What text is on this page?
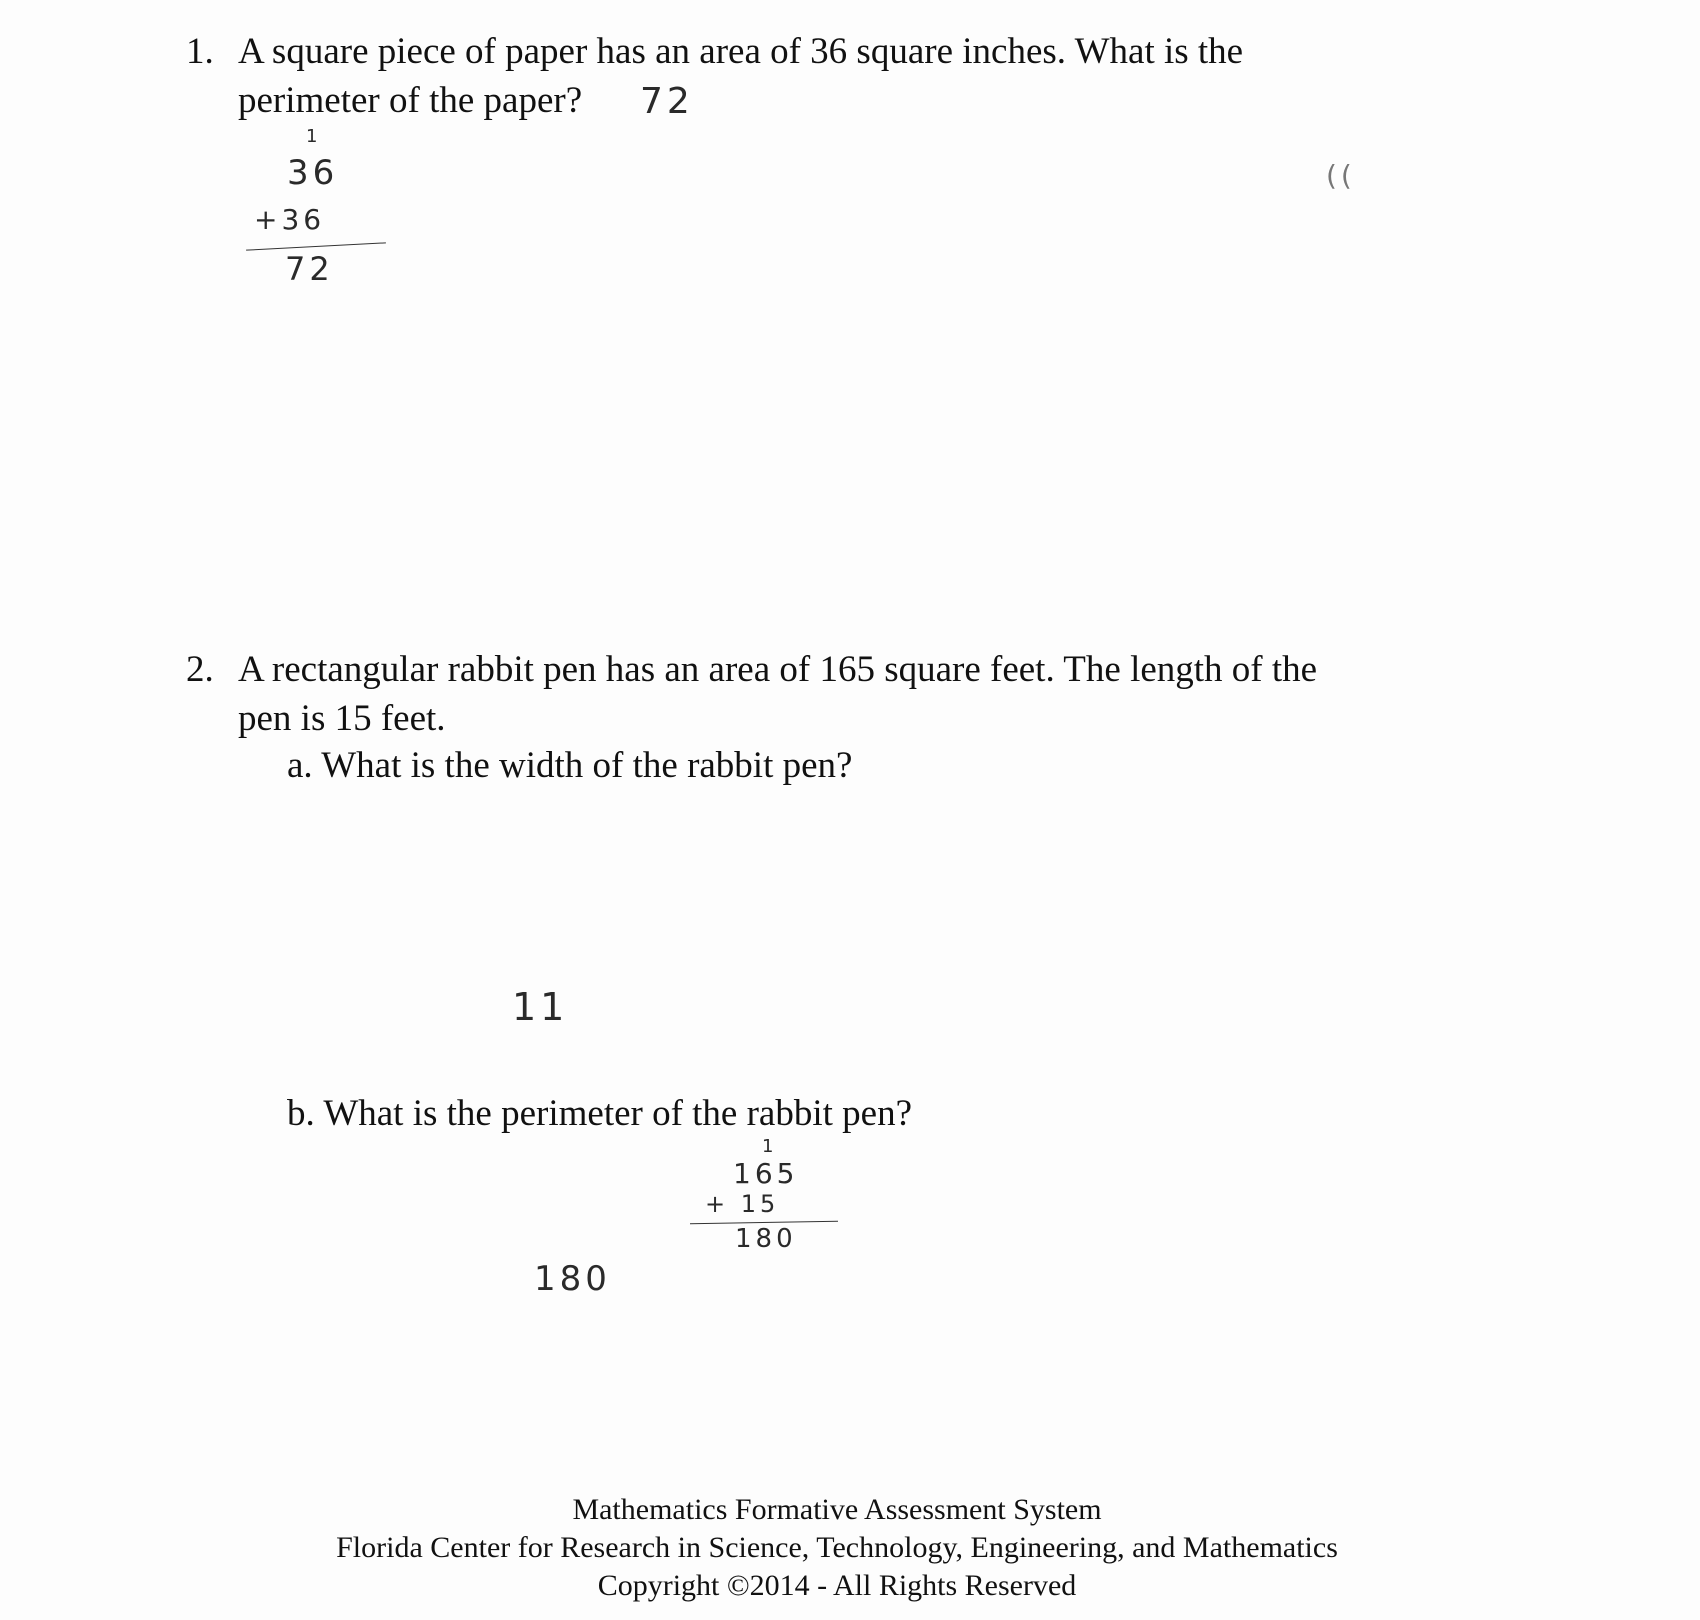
1. A square piece of paper has an area of 36 square inches. What is the
perimeter of the paper? 72
1
36
+36
72
((
2. A rectangular rabbit pen has an area of 165 square feet. The length of the
pen is 15 feet.
a. What is the width of the rabbit pen?
11
b. What is the perimeter of the rabbit pen?
1
165
+ 15
180
180
Mathematics Formative Assessment System
Florida Center for Research in Science, Technology, Engineering, and Mathematics
Copyright ©2014 - All Rights Reserved
